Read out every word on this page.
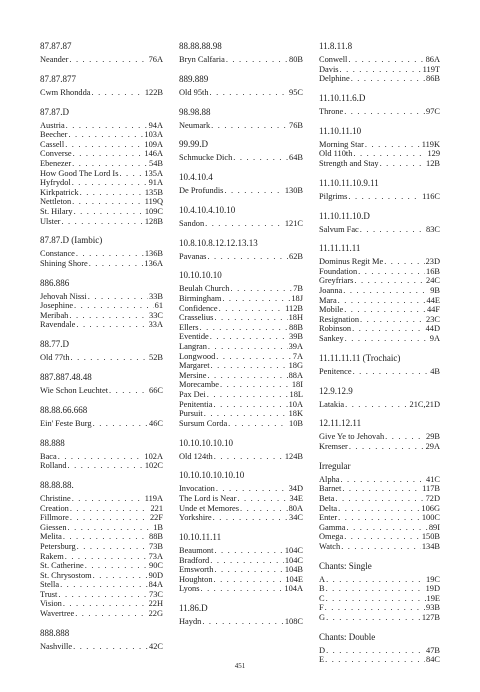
87.87.87
Neander . . .	76A
87.87.877
Cwm Rhondda . . .	122B
87.87.D
Austria . . .	94A
Beecher . . .	103A
Cassell . . .	109A
Converse . . .	146A
Ebenezer . . .	54B
How Good The Lord Is . . .	135A
Hyfrydol . . .	91A
Kirkpatrick . . .	135B
Nettleton . . .	119Q
St. Hilary . . .	109C
Ulster . . .	128B
87.87.D (Iambic)
Constance . . .	136B
Shining Shore . . .	136A
886.886
Jehovah Nissi . . .	33B
Josephine . . .	61
Meribah . . .	33C
Ravendale . . .	33A
88.77.D
Old 77th . . .	52B
887.887.48.48
Wie Schon Leuchtet . . .	66C
88.88.66.668
Ein' Feste Burg . . .	46C
88.888
Baca . . .	102A
Rolland . . .	102C
88.88.88.
Christine . . .	119A
Creation . . .	221
Fillmore . . .	22F
Giessen . . .	1B
Melita . . .	88B
Petersburg . . .	73B
Rakem . . .	73A
St. Catherine . . .	90C
St. Chrysostom . . .	90D
Stella . . .	84A
Trust . . .	73C
Vision . . .	22H
Wavertree . . .	22G
888.888
Nashville . . .	42C
88.88.88.98
Bryn Calfaria . . .	80B
889.889
Old 95th . . .	95C
98.98.88
Neumark . . .	76B
99.99.D
Schmucke Dich . . .	64B
10.4.10.4
De Profundis . . .	130B
10.4.10.4.10.10
Sandon . . .	121C
10.8.10.8.12.12.13.13
Pavanas . . .	62B
10.10.10.10
Beulah Church . . .	7B
Birmingham . . .	18J
Confidence . . .	112B
Crasselius . . .	18H
Ellers . . .	88B
Eventide . . .	39B
Langran . . .	39A
Longwood . . .	7A
Margaret . . .	18G
Mersine . . .	88A
Morecambe . . .	18I
Pax Dei . . .	18L
Penitentia . . .	10A
Pursuit . . .	18K
Sursum Corda . . .	10B
10.10.10.10.10
Old 124th . . .	124B
10.10.10.10.10.10
Invocation . . .	34D
The Lord is Near . . .	34E
Unde et Memores . . .	80A
Yorkshire . . .	34C
10.10.11.11
Beaumont . . .	104C
Bradford . . .	104C
Emsworth . . .	104B
Houghton . . .	104E
Lyons . . .	104A
11.86.D
Haydn . . .	108C
11.8.11.8
Conwell . . .	86A
Davis . . .	119T
Delphine . . .	86B
11.10.11.6.D
Throne . . .	97C
11.10.11.10
Morning Star . . .	119K
Old 110th . . .	129
Strength and Stay . . .	12B
11.10.11.10.9.11
Pilgrims . . .	116C
11.10.11.10.D
Salvum Fac . . .	83C
11.11.11.11
Dominus Regit Me . . .	23D
Foundation . . .	16B
Greyfriars . . .	24C
Joanna . . .	9B
Mara . . .	44E
Mobile . . .	44F
Resignation . . .	23C
Robinson . . .	44D
Sankey . . .	9A
11.11.11.11 (Trochaic)
Penitence . . .	4B
12.9.12.9
Latakia . . .	21C,21D
12.11.12.11
Give Ye to Jehovah . . .	29B
Kremser . . .	29A
Irregular
Alpha . . .	41C
Barnet . . .	117B
Beta . . .	72D
Delta . . .	106G
Enter . . .	100C
Gamma . . .	89I
Omega . . .	150B
Watch . . .	134B
Chants: Single
A . . .	19C
B . . .	19D
C . . .	19E
F . . .	93B
G . . .	127B
Chants: Double
D . . .	47B
E . . .	84C
451
